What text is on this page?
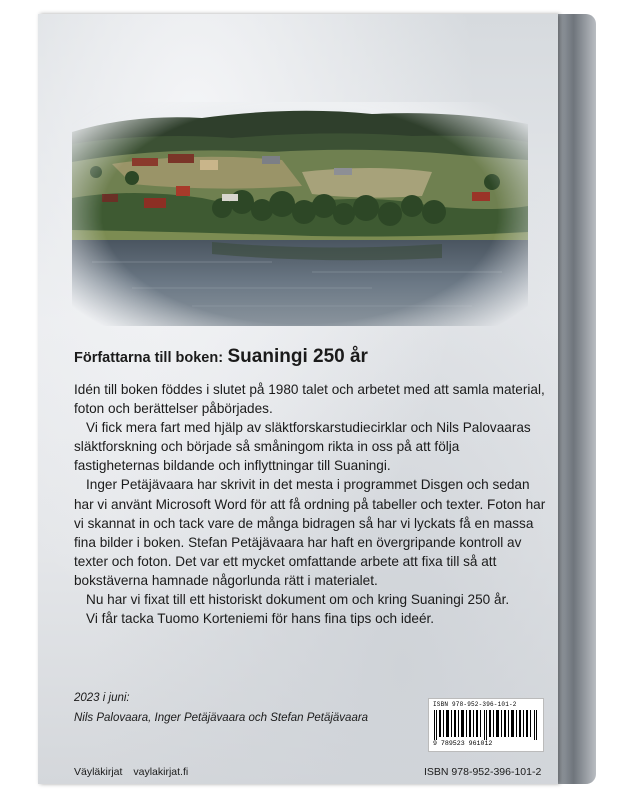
Författarna till boken: Suaningi 250 år

Idén till boken föddes i slutet på 1980 talet och arbetet med att samla material, foton och berättelser påbörjades.

Vi fick mera fart med hjälp av släktforskarstudiecirklar och Nils Palovaaras släktforskning och började så småningom rikta in oss på att följa fastigheternas bildande och inflyttningar till Suaningi.

Inger Petäjävaara har skrivit in det mesta i programmet Disgen och sedan har vi använt Microsoft Word för att få ordning på tabeller och texter. Foton har vi skannat in och tack vare de många bidragen så har vi lyckats få en massa fina bilder i boken. Stefan Petäjävaara har haft en övergripande kontroll av texter och foton. Det var ett mycket omfattande arbete att fixa till så att bokstäverna hamnade någorlunda rätt i materialet.

Nu har vi fixat till ett historiskt dokument om och kring Suaningi 250 år.

Vi får tacka Tuomo Korteniemi för hans fina tips och ideér.

2023 i juni:
Nils Palovaara, Inger Petäjävaara och Stefan Petäjävaara
Väyläkirjat vaylakirjat.fi
ISBN 978-952-396-101-2
9 789523 961012
ISBN 978-952-396-101-2
